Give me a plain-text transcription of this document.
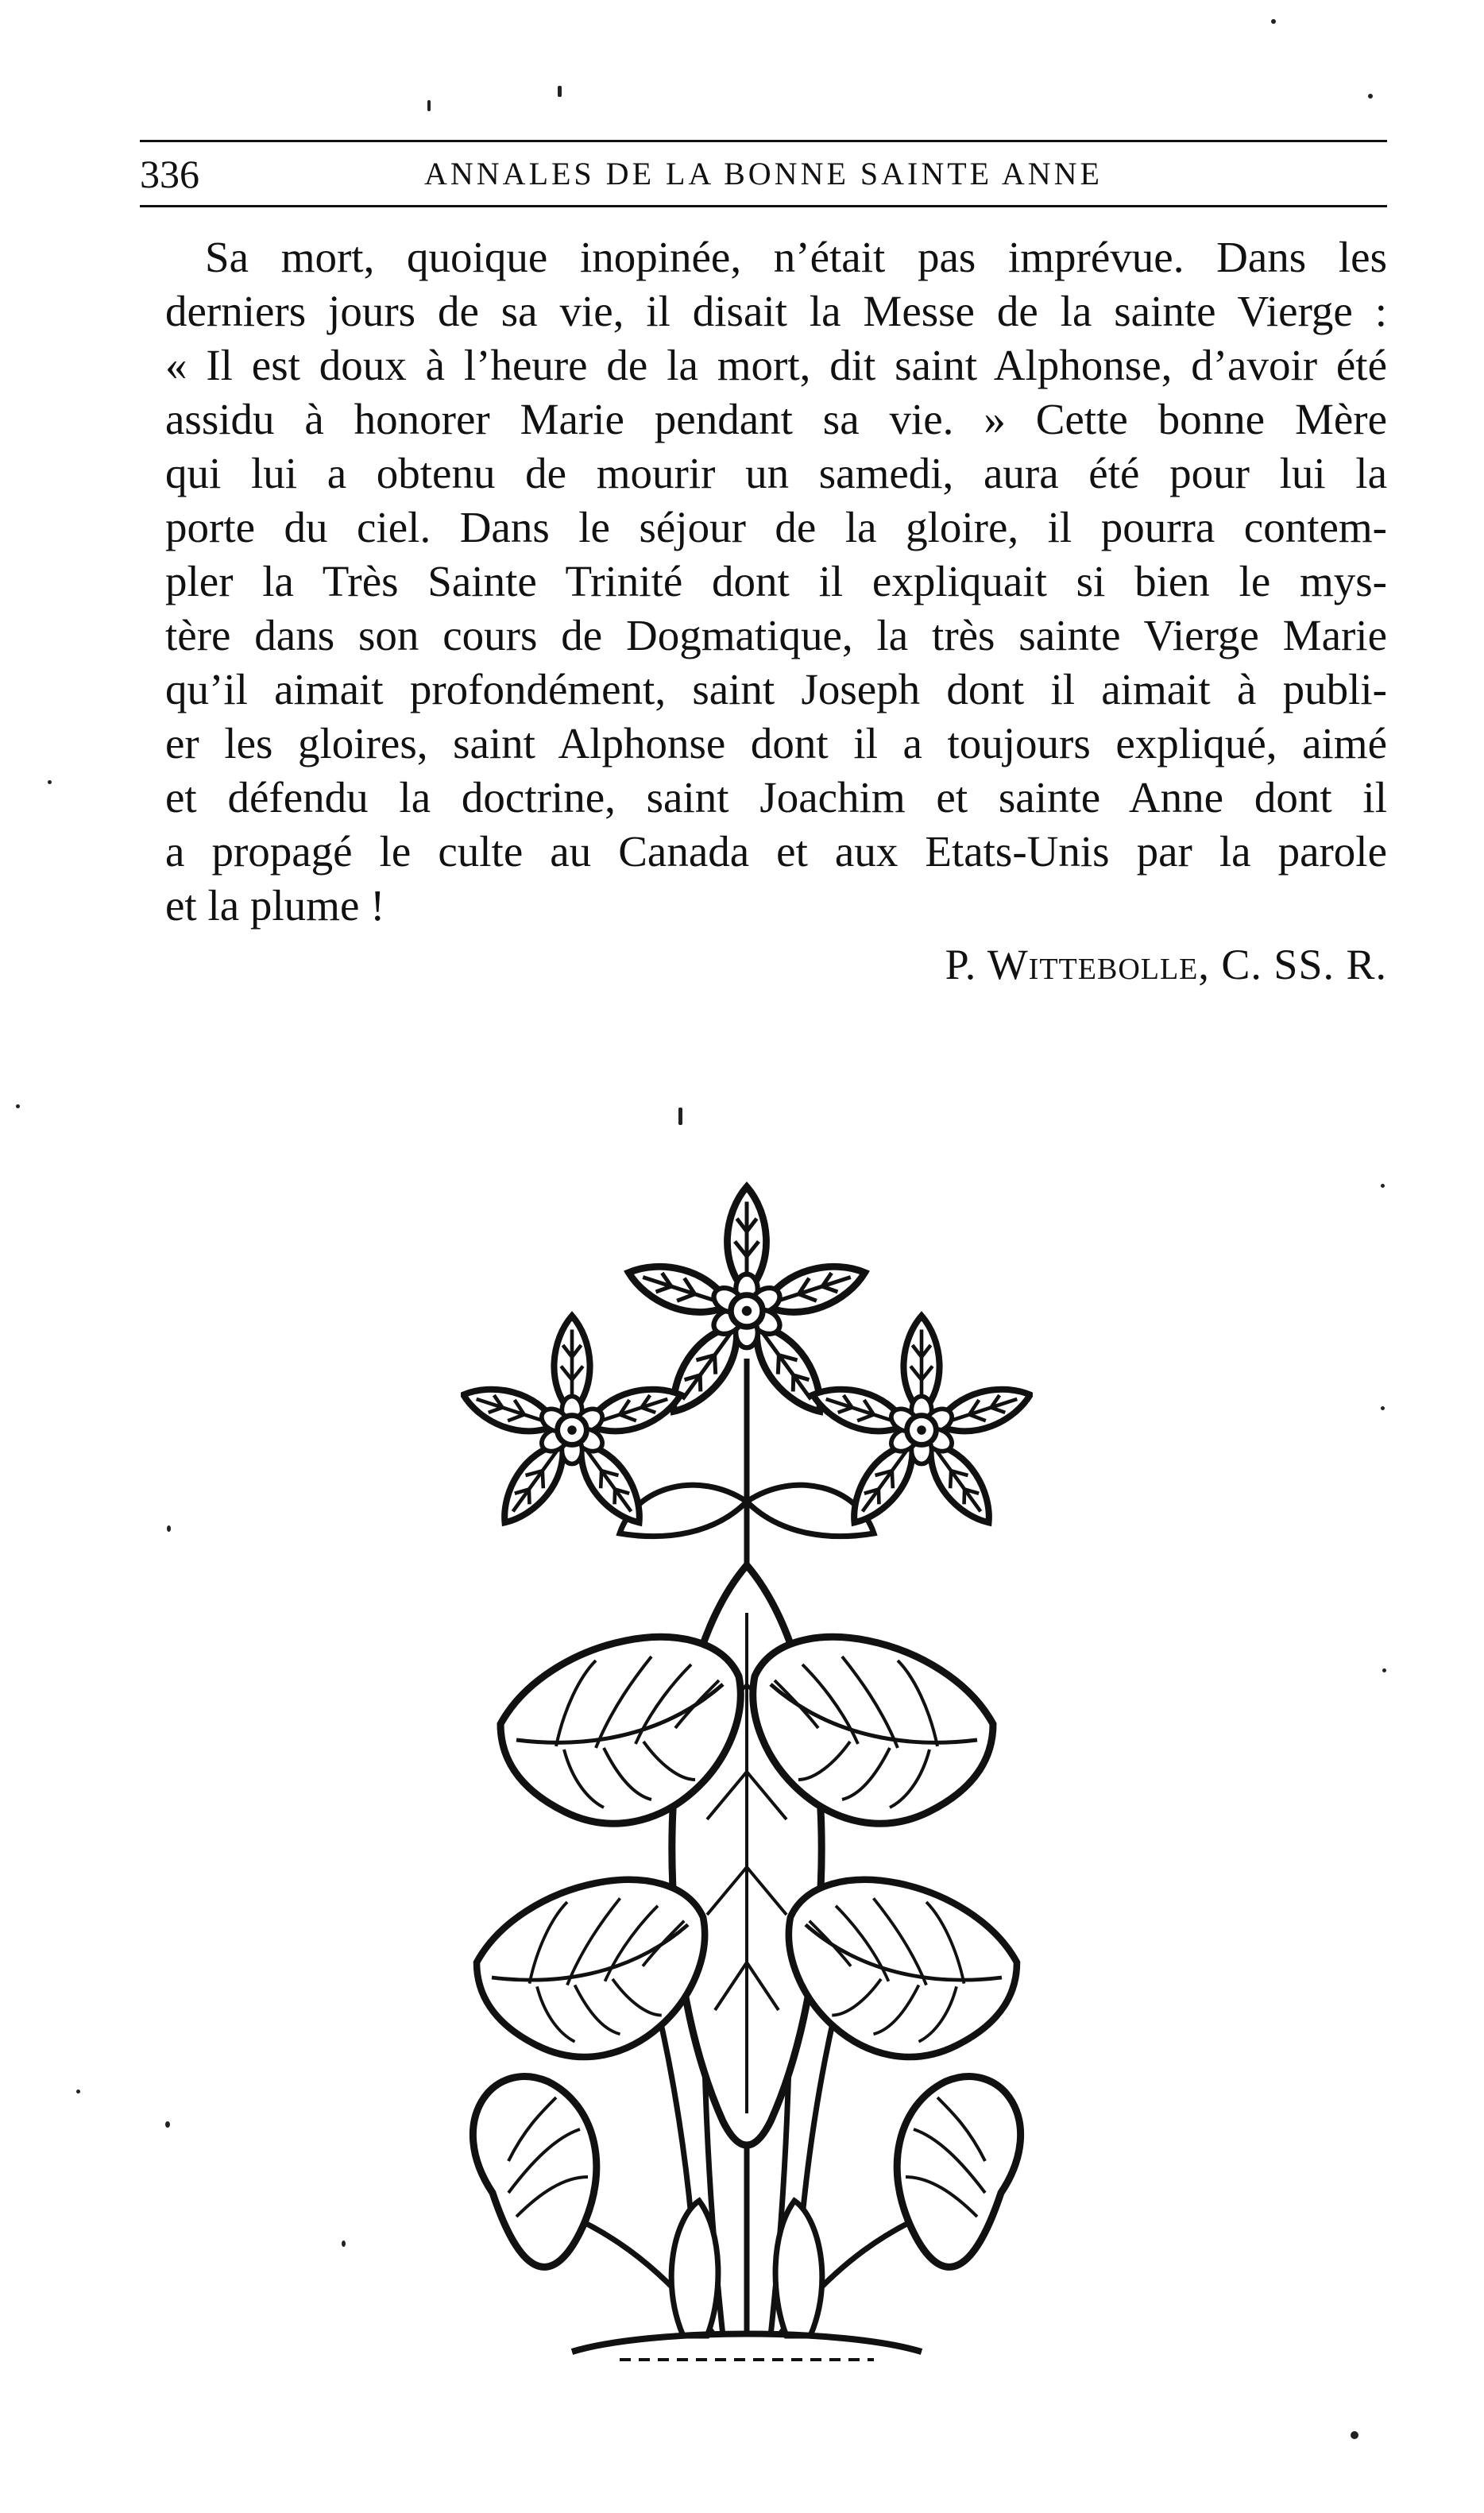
336	ANNALES DE LA BONNE SAINTE ANNE
Sa mort, quoique inopinée, n’était pas imprévue. Dans les
derniers jours de sa vie, il disait la Messe de la sainte Vierge :
« Il est doux à l’heure de la mort, dit saint Alphonse, d’avoir été
assidu à honorer Marie pendant sa vie. » Cette bonne Mère
qui lui a obtenu de mourir un samedi, aura été pour lui la
porte du ciel. Dans le séjour de la gloire, il pourra contem-
pler la Très Sainte Trinité dont il expliquait si bien le mys-
tère dans son cours de Dogmatique, la très sainte Vierge Marie
qu’il aimait profondément, saint Joseph dont il aimait à publi-
er les gloires, saint Alphonse dont il a toujours expliqué, aimé
et défendu la doctrine, saint Joachim et sainte Anne dont il
a propagé le culte au Canada et aux Etats-Unis par la parole
et la plume !
P. Wittebolle, C. SS. R.
